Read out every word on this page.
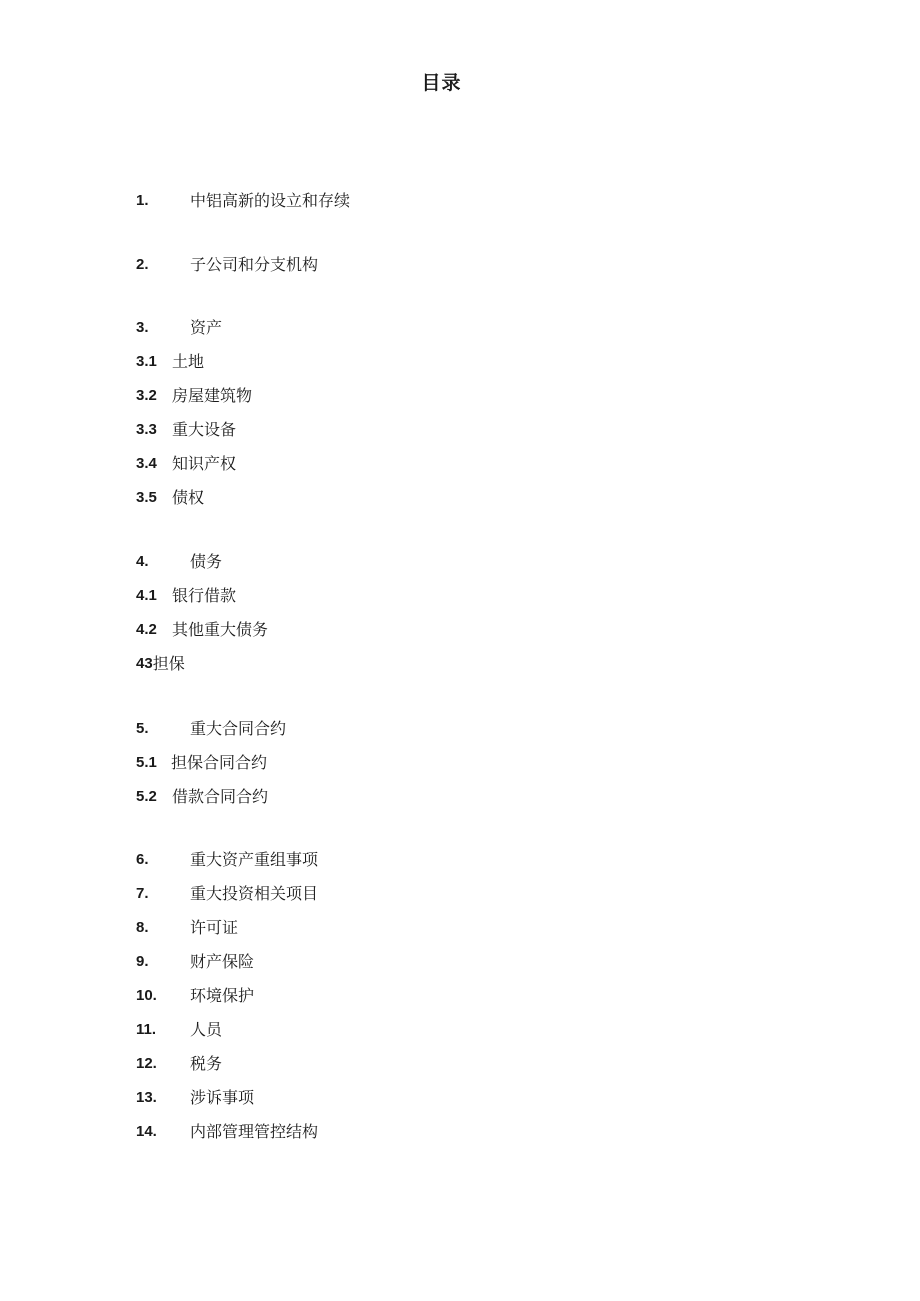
目录
1.	中铝高新的设立和存续
2.	子公司和分支机构
3.	资产
3.1 土地
3.2 房屋建筑物
3.3 重大设备
3.4 知识产权
3.5 债权
4.	债务
4.1 银行借款
4.2 其他重大债务
43担保
5.	重大合同合约
5.1 担保合同合约
5.2 借款合同合约
6.	重大资产重组事项
7.	重大投资相关项目
8.	许可证
9.	财产保险
10. 环境保护
11. 人员
12. 税务
13. 涉诉事项
14. 内部管理管控结构
